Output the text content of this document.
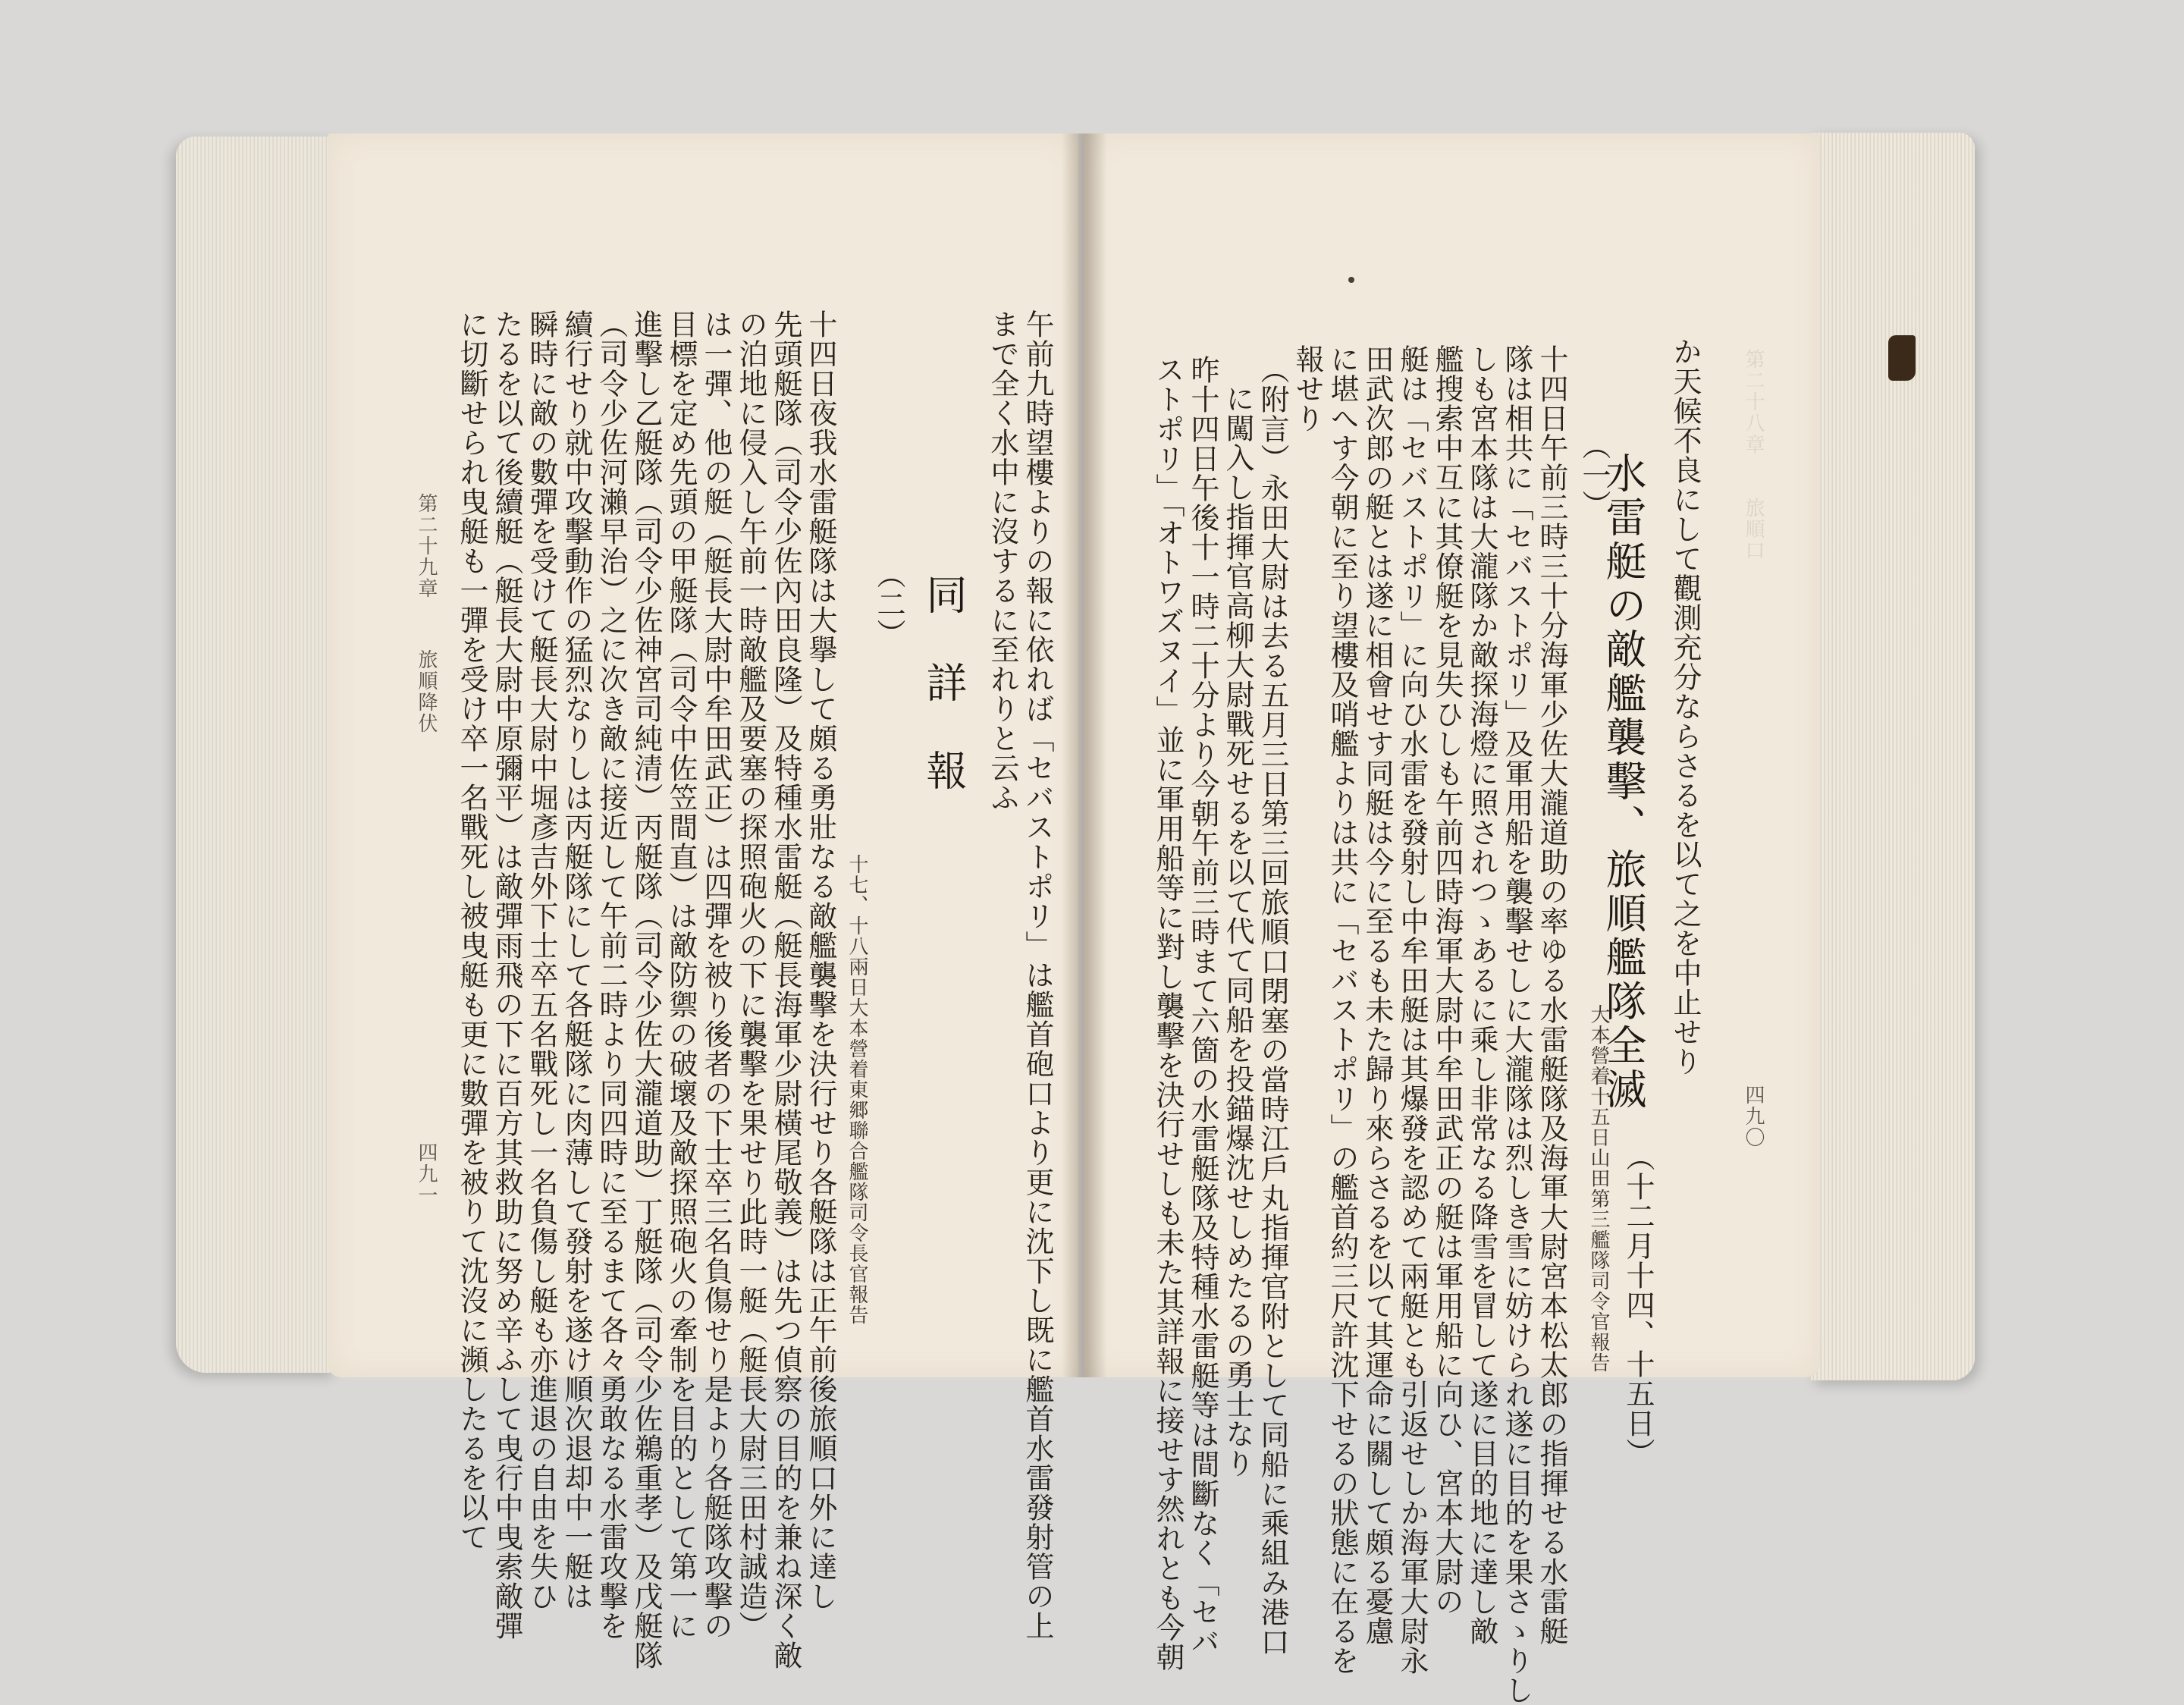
第二十九章
旅順降伏
四九一 に切斷せられ曳艇も一彈を受け卒一名戰死し被曳艇も更に數彈を被りて沈沒に瀕したるを以て たるを以て後續艇（艇長大尉中原彌平）は敵彈雨飛の下に百方其救助に努め辛ふして曳行中曳索敵彈 瞬時に敵の數彈を受けて艇長大尉中堀彥吉外下士卒五名戰死し一名負傷し艇も亦進退の自由を失ひ 續行せり就中攻擊動作の猛烈なりしは丙艇隊にして各艇隊に肉薄して發射を遂け順次退却中一艇は （司令少佐河瀨早治）之に次き敵に接近して午前二時より同四時に至るまて各々勇敢なる水雷攻擊を 進擊し乙艇隊（司令少佐神宮司純清）丙艇隊（司令少佐大瀧道助）丁艇隊（司令少佐鵜重孝）及戊艇隊 目標を定め先頭の甲艇隊（司令中佐笠間直）は敵防禦の破壞及敵探照砲火の牽制を目的として第一に は一彈、他の艇（艇長大尉中牟田武正）は四彈を被り後者の下士卒三名負傷せり是より各艇隊攻擊の の泊地に侵入し午前一時敵艦及要塞の探照砲火の下に襲擊を果せり此時一艇（艇長大尉三田村誠造） 先頭艇隊（司令少佐內田良隆）及特種水雷艇（艇長海軍少尉橫尾敬義）は先つ偵察の目的を兼ね深く敵 十四日夜我水雷艇隊は大擧して頗る勇壯なる敵艦襲擊を決行せり各艇隊は正午前後旅順口外に達し 十七、十八兩日大本營着東郷聯合艦隊司令長官報告
（二） 同　詳　報 まで全く水中に沒するに至れりと云ふ 午前九時望樓よりの報に依れば「セバストポリ」は艦首砲口より更に沈下し既に艦首水雷發射管の上	第二十八章
旅順口
四九〇
か天候不良にして觀測充分ならさるを以て之を中止せり
水雷艇の敵艦襲擊、旅順艦隊全滅
（十二月十四、十五日）
（一）
大本營着十五日山田第三艦隊司令官報告
十四日午前三時三十分海軍少佐大瀧道助の率ゆる水雷艇隊及海軍大尉宮本松太郎の指揮せる水雷艇
隊は相共に「セバストポリ」及軍用船を襲擊せしに大瀧隊は烈しき雪に妨けられ遂に目的を果さゝりし
しも宮本隊は大瀧隊か敵探海燈に照されつゝあるに乘し非常なる降雪を冒して遂に目的地に達し敵
艦搜索中互に其僚艇を見失ひしも午前四時海軍大尉中牟田武正の艇は軍用船に向ひ、宮本大尉の
艇は「セバストポリ」に向ひ水雷を發射し中牟田艇は其爆發を認めて兩艇とも引返せしか海軍大尉永
田武次郎の艇とは遂に相會せす同艇は今に至るも未た歸り來らさるを以て其運命に關して頗る憂慮
に堪へす今朝に至り望樓及哨艦よりは共に「セバストポリ」の艦首約三尺許沈下せるの狀態に在るを
報せり
（附言）永田大尉は去る五月三日第三回旅順口閉塞の當時江戶丸指揮官附として同船に乘組み港口
に闖入し指揮官高柳大尉戰死せるを以て代て同船を投錨爆沈せしめたるの勇士なり
昨十四日午後十一時二十分より今朝午前三時まて六箇の水雷艇隊及特種水雷艇等は間斷なく「セバ
ストポリ」「オトワズヌイ」並に軍用船等に對し襲擊を決行せしも未た其詳報に接せす然れとも今朝
